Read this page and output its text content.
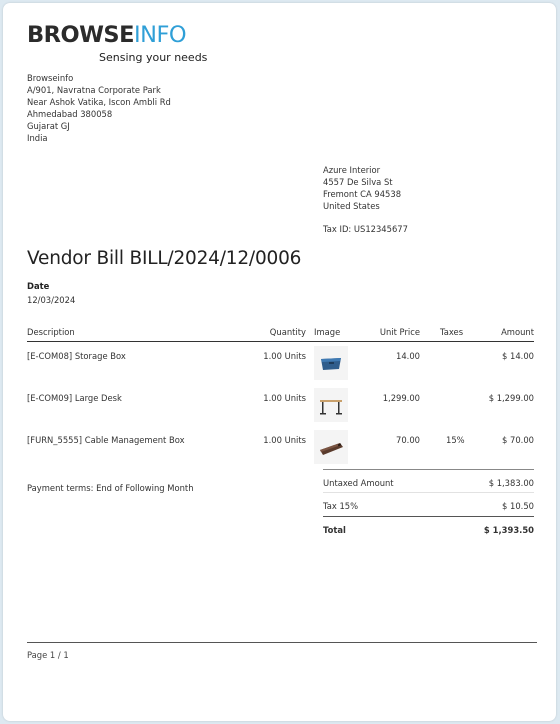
BROWSEINFO
Sensing your needs
Browseinfo
A/901, Navratna Corporate Park
Near Ashok Vatika, Iscon Ambli Rd
Ahmedabad 380058
Gujarat GJ
India
Azure Interior
4557 De Silva St
Fremont CA 94538
United States
Tax ID: US12345677
Vendor Bill BILL/2024/12/0006
Date
12/03/2024
Description	Quantity Image	Unit Price Taxes	Amount
[E-COM08] Storage Box	1.00 Units	14.00	$ 14.00
[E-COM09] Large Desk	1.00 Units	1,299.00	$ 1,299.00
[FURN_5555] Cable Management Box	1.00 Units	70.00	15%	$ 70.00
Payment terms: End of Following Month	Untaxed Amount	$ 1,383.00
Tax 15%	$ 10.50
Total	$ 1,393.50
Page 1 / 1
